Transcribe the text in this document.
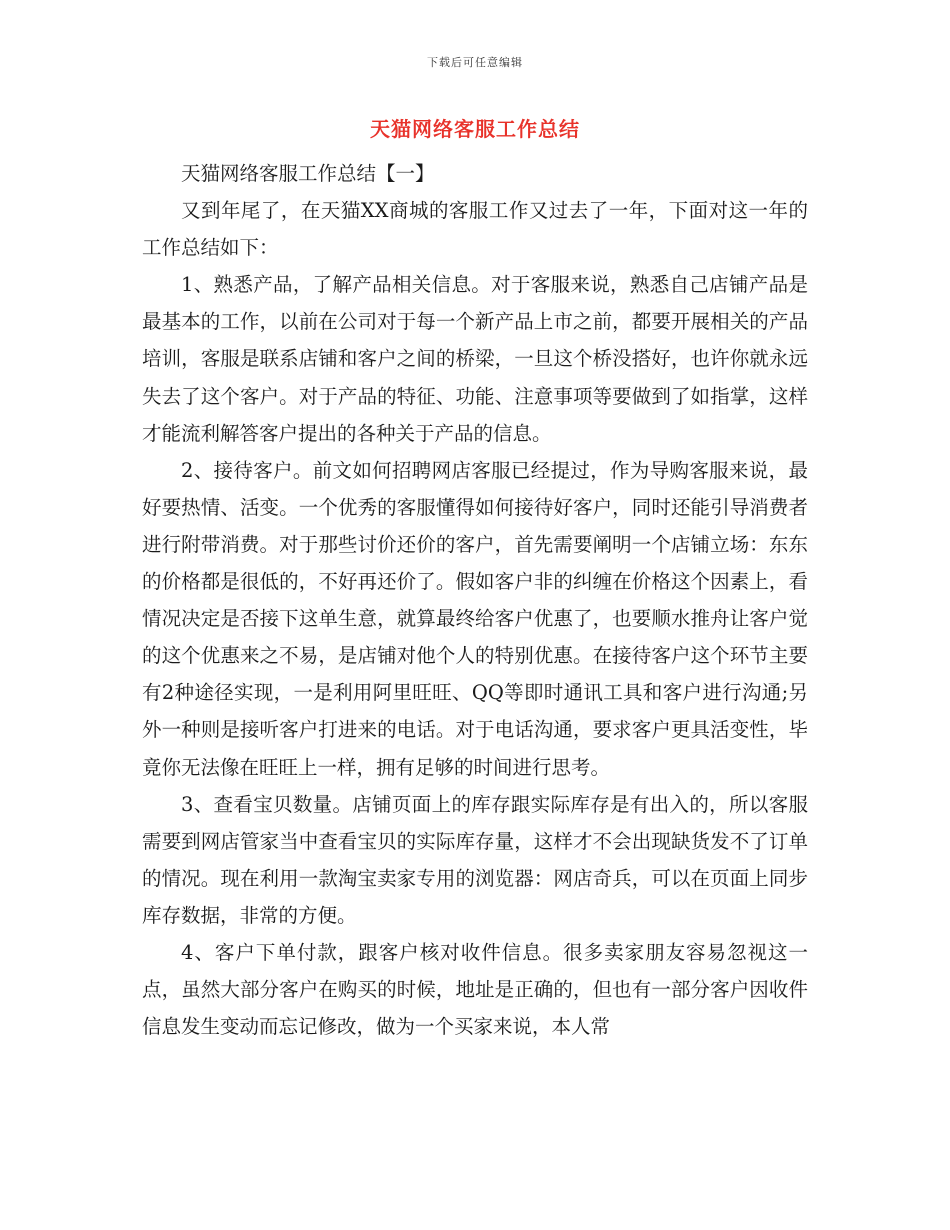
下载后可任意编辑
天猫网络客服工作总结

天猫网络客服工作总结【一】

又到年尾了，在天猫XX商城的客服工作又过去了一年，下面对这一年的工作总结如下：

1、熟悉产品，了解产品相关信息。对于客服来说，熟悉自己店铺产品是最基本的工作，以前在公司对于每一个新产品上市之前，都要开展相关的产品培训，客服是联系店铺和客户之间的桥梁，一旦这个桥没搭好，也许你就永远失去了这个客户。对于产品的特征、功能、注意事项等要做到了如指掌，这样才能流利解答客户提出的各种关于产品的信息。

2、接待客户。前文如何招聘网店客服已经提过，作为导购客服来说，最好要热情、活变。一个优秀的客服懂得如何接待好客户，同时还能引导消费者进行附带消费。对于那些讨价还价的客户，首先需要阐明一个店铺立场：东东的价格都是很低的，不好再还价了。假如客户非的纠缠在价格这个因素上，看情况决定是否接下这单生意，就算最终给客户优惠了，也要顺水推舟让客户觉的这个优惠来之不易，是店铺对他个人的特别优惠。在接待客户这个环节主要有2种途径实现，一是利用阿里旺旺、QQ等即时通讯工具和客户进行沟通;另外一种则是接听客户打进来的电话。对于电话沟通，要求客户更具活变性，毕竟你无法像在旺旺上一样，拥有足够的时间进行思考。

3、查看宝贝数量。店铺页面上的库存跟实际库存是有出入的，所以客服需要到网店管家当中查看宝贝的实际库存量，这样才不会出现缺货发不了订单的情况。现在利用一款淘宝卖家专用的浏览器：网店奇兵，可以在页面上同步库存数据，非常的方便。

4、客户下单付款，跟客户核对收件信息。很多卖家朋友容易忽视这一点，虽然大部分客户在购买的时候，地址是正确的，但也有一部分客户因收件信息发生变动而忘记修改，做为一个买家来说，本人常
